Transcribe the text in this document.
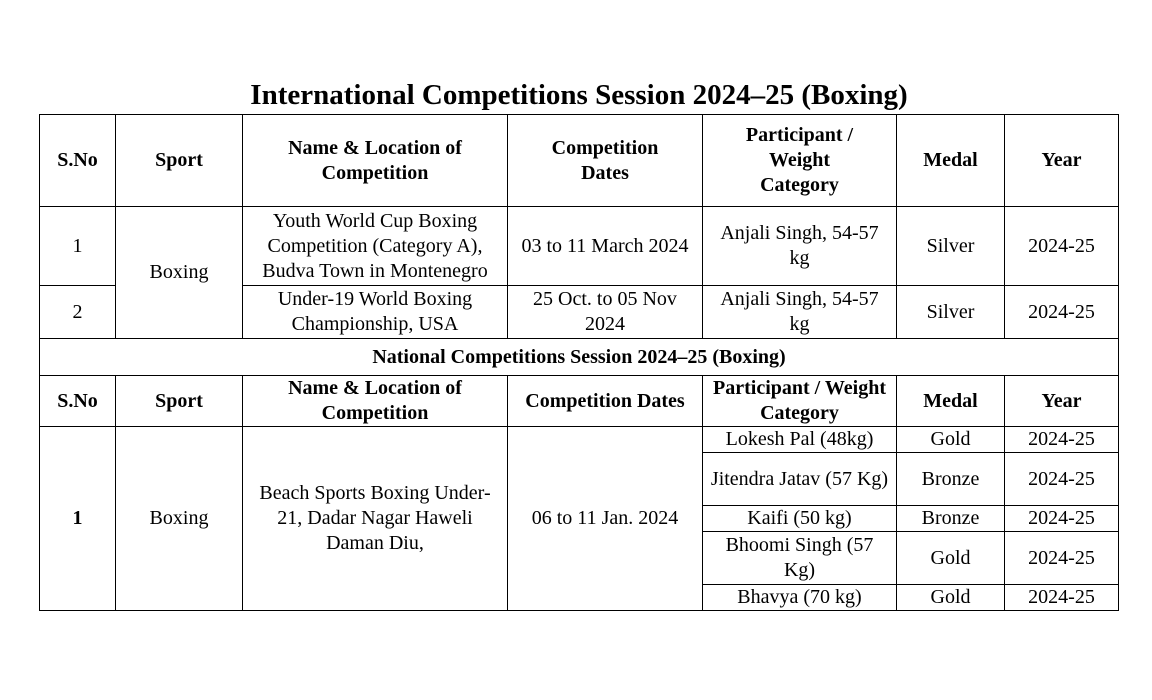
International Competitions Session 2024–25 (Boxing)
S.No	Sport	Name & Location of Competition	Competition Dates	Participant / Weight Category	Medal	Year
1	Boxing	Youth World Cup Boxing Competition (Category A), Budva Town in Montenegro	03 to 11 March 2024	Anjali Singh, 54-57 kg	Silver	2024-25
2		Under-19 World Boxing Championship, USA	25 Oct. to 05 Nov 2024	Anjali Singh, 54-57 kg	Silver	2024-25
National Competitions Session 2024–25 (Boxing)						
S.No	Sport	Name & Location of Competition	Competition Dates	Participant / Weight Category	Medal	Year
1	Boxing	Beach Sports Boxing Under-21, Dadar Nagar Haweli Daman Diu,	06 to 11 Jan. 2024	Lokesh Pal (48kg)	Gold	2024-25
				Jitendra Jatav (57 Kg)	Bronze	2024-25
				Kaifi (50 kg)	Bronze	2024-25

				Bhoomi Singh (57 Kg)	Gold	2024-25
				Bhavya (70 kg)	Gold	2024-25
